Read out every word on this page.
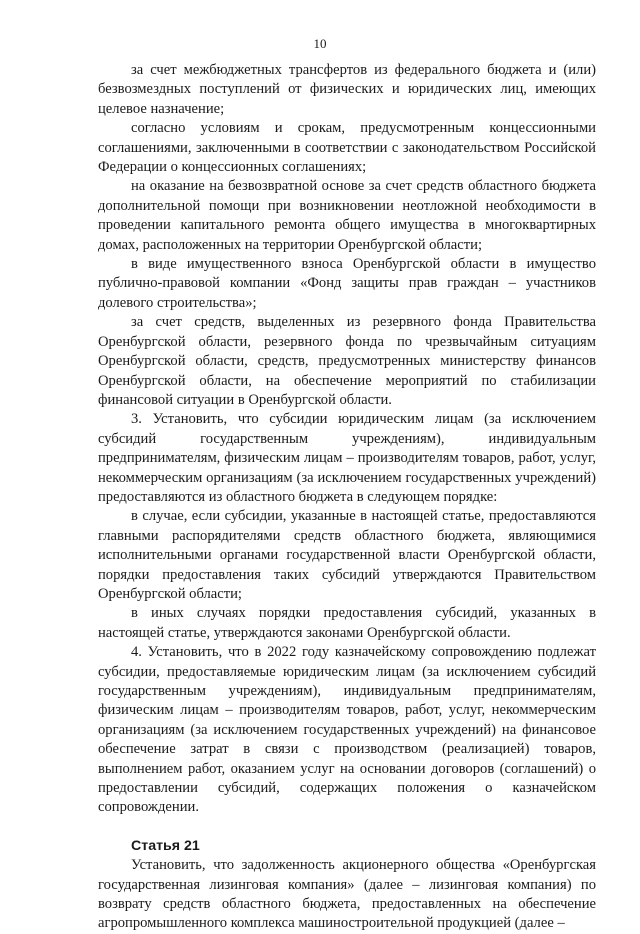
10

за счет межбюджетных трансфертов из федерального бюджета и (или) безвозмездных поступлений от физических и юридических лиц, имеющих целевое назначение;

согласно условиям и срокам, предусмотренным концессионными соглашениями, заключенными в соответствии с законодательством Российской Федерации о концессионных соглашениях;

на оказание на безвозвратной основе за счет средств областного бюджета дополнительной помощи при возникновении неотложной необходимости в проведении капитального ремонта общего имущества в многоквартирных домах, расположенных на территории Оренбургской области;

в виде имущественного взноса Оренбургской области в имущество публично-правовой компании «Фонд защиты прав граждан – участников долевого строительства»;

за счет средств, выделенных из резервного фонда Правительства Оренбургской области, резервного фонда по чрезвычайным ситуациям Оренбургской области, средств, предусмотренных министерству финансов Оренбургской области, на обеспечение мероприятий по стабилизации финансовой ситуации в Оренбургской области.

3. Установить, что субсидии юридическим лицам (за исключением субсидий государственным учреждениям), индивидуальным предпринимателям, физическим лицам – производителям товаров, работ, услуг, некоммерческим организациям (за исключением государственных учреждений) предоставляются из областного бюджета в следующем порядке:

в случае, если субсидии, указанные в настоящей статье, предоставляются главными распорядителями средств областного бюджета, являющимися исполнительными органами государственной власти Оренбургской области, порядки предоставления таких субсидий утверждаются Правительством Оренбургской области;

в иных случаях порядки предоставления субсидий, указанных в настоящей статье, утверждаются законами Оренбургской области.

4. Установить, что в 2022 году казначейскому сопровождению подлежат субсидии, предоставляемые юридическим лицам (за исключением субсидий государственным учреждениям), индивидуальным предпринимателям, физическим лицам – производителям товаров, работ, услуг, некоммерческим организациям (за исключением государственных учреждений) на финансовое обеспечение затрат в связи с производством (реализацией) товаров, выполнением работ, оказанием услуг на основании договоров (соглашений) о предоставлении субсидий, содержащих положения о казначейском сопровождении.

Статья 21

Установить, что задолженность акционерного общества «Оренбургская государственная лизинговая компания» (далее – лизинговая компания) по возврату средств областного бюджета, предоставленных на обеспечение агропромышленного комплекса машиностроительной продукцией (далее –
